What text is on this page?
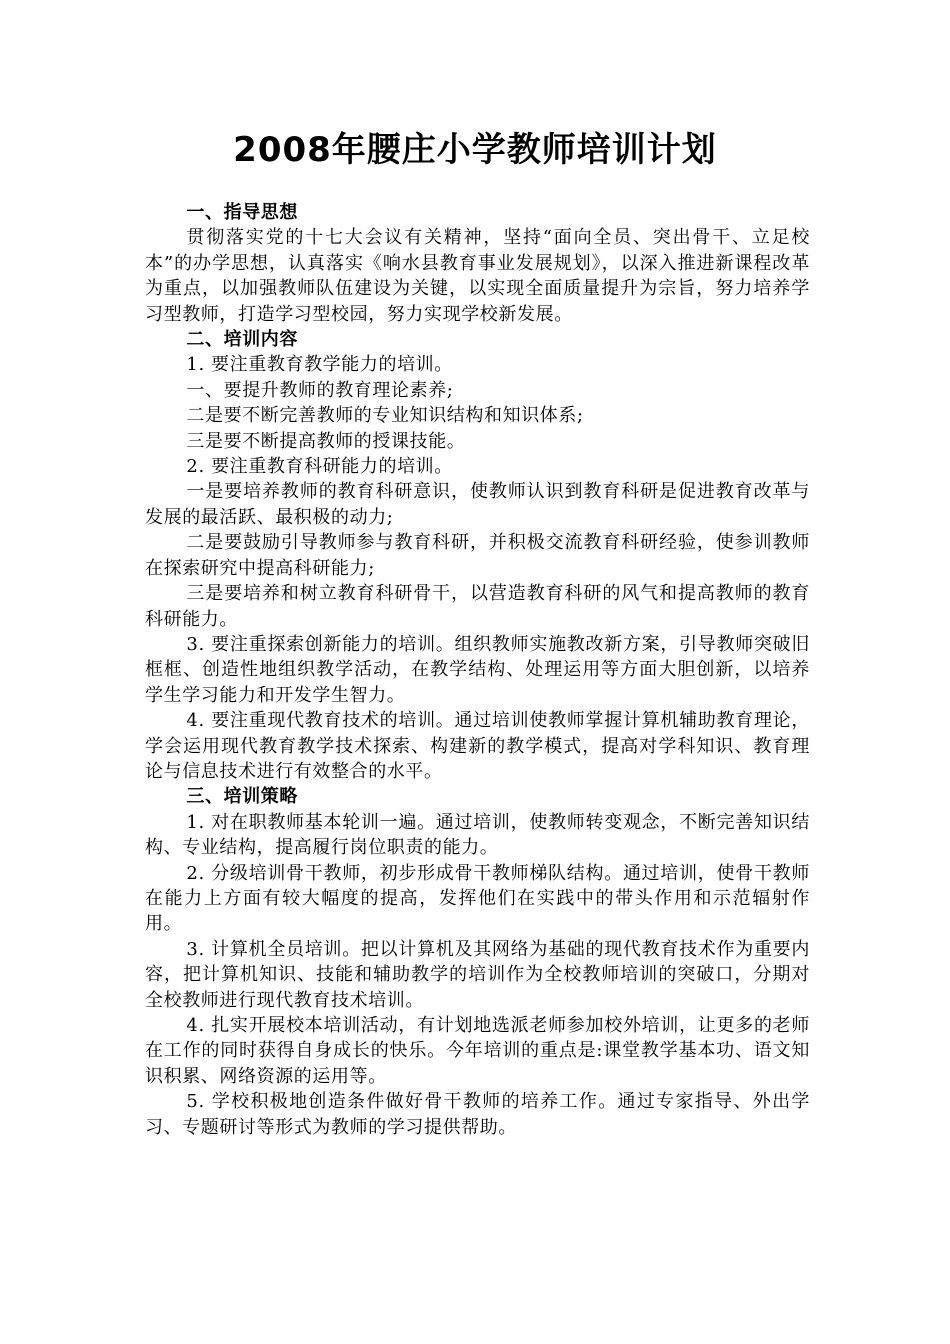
2008年腰庄小学教师培训计划

一、指导思想

贯彻落实党的十七大会议有关精神，坚持“面向全员、突出骨干、立足校本”的办学思想，认真落实《响水县教育事业发展规划》，以深入推进新课程改革为重点，以加强教师队伍建设为关键，以实现全面质量提升为宗旨，努力培养学习型教师，打造学习型校园，努力实现学校新发展。

二、培训内容

1. 要注重教育教学能力的培训。

一、要提升教师的教育理论素养;

二是要不断完善教师的专业知识结构和知识体系;

三是要不断提高教师的授课技能。

2. 要注重教育科研能力的培训。

一是要培养教师的教育科研意识，使教师认识到教育科研是促进教育改革与发展的最活跃、最积极的动力;

二是要鼓励引导教师参与教育科研，并积极交流教育科研经验，使参训教师在探索研究中提高科研能力;

三是要培养和树立教育科研骨干，以营造教育科研的风气和提高教师的教育科研能力。

3. 要注重探索创新能力的培训。组织教师实施教改新方案，引导教师突破旧框框、创造性地组织教学活动，在教学结构、处理运用等方面大胆创新，以培养学生学习能力和开发学生智力。

4. 要注重现代教育技术的培训。通过培训使教师掌握计算机辅助教育理论，学会运用现代教育教学技术探索、构建新的教学模式，提高对学科知识、教育理论与信息技术进行有效整合的水平。

三、培训策略

1. 对在职教师基本轮训一遍。通过培训，使教师转变观念，不断完善知识结构、专业结构，提高履行岗位职责的能力。

2. 分级培训骨干教师，初步形成骨干教师梯队结构。通过培训，使骨干教师在能力上方面有较大幅度的提高，发挥他们在实践中的带头作用和示范辐射作用。

3. 计算机全员培训。把以计算机及其网络为基础的现代教育技术作为重要内容，把计算机知识、技能和辅助教学的培训作为全校教师培训的突破口，分期对全校教师进行现代教育技术培训。

4. 扎实开展校本培训活动，有计划地选派老师参加校外培训，让更多的老师在工作的同时获得自身成长的快乐。今年培训的重点是:课堂教学基本功、语文知识积累、网络资源的运用等。

5. 学校积极地创造条件做好骨干教师的培养工作。通过专家指导、外出学习、专题研讨等形式为教师的学习提供帮助。
